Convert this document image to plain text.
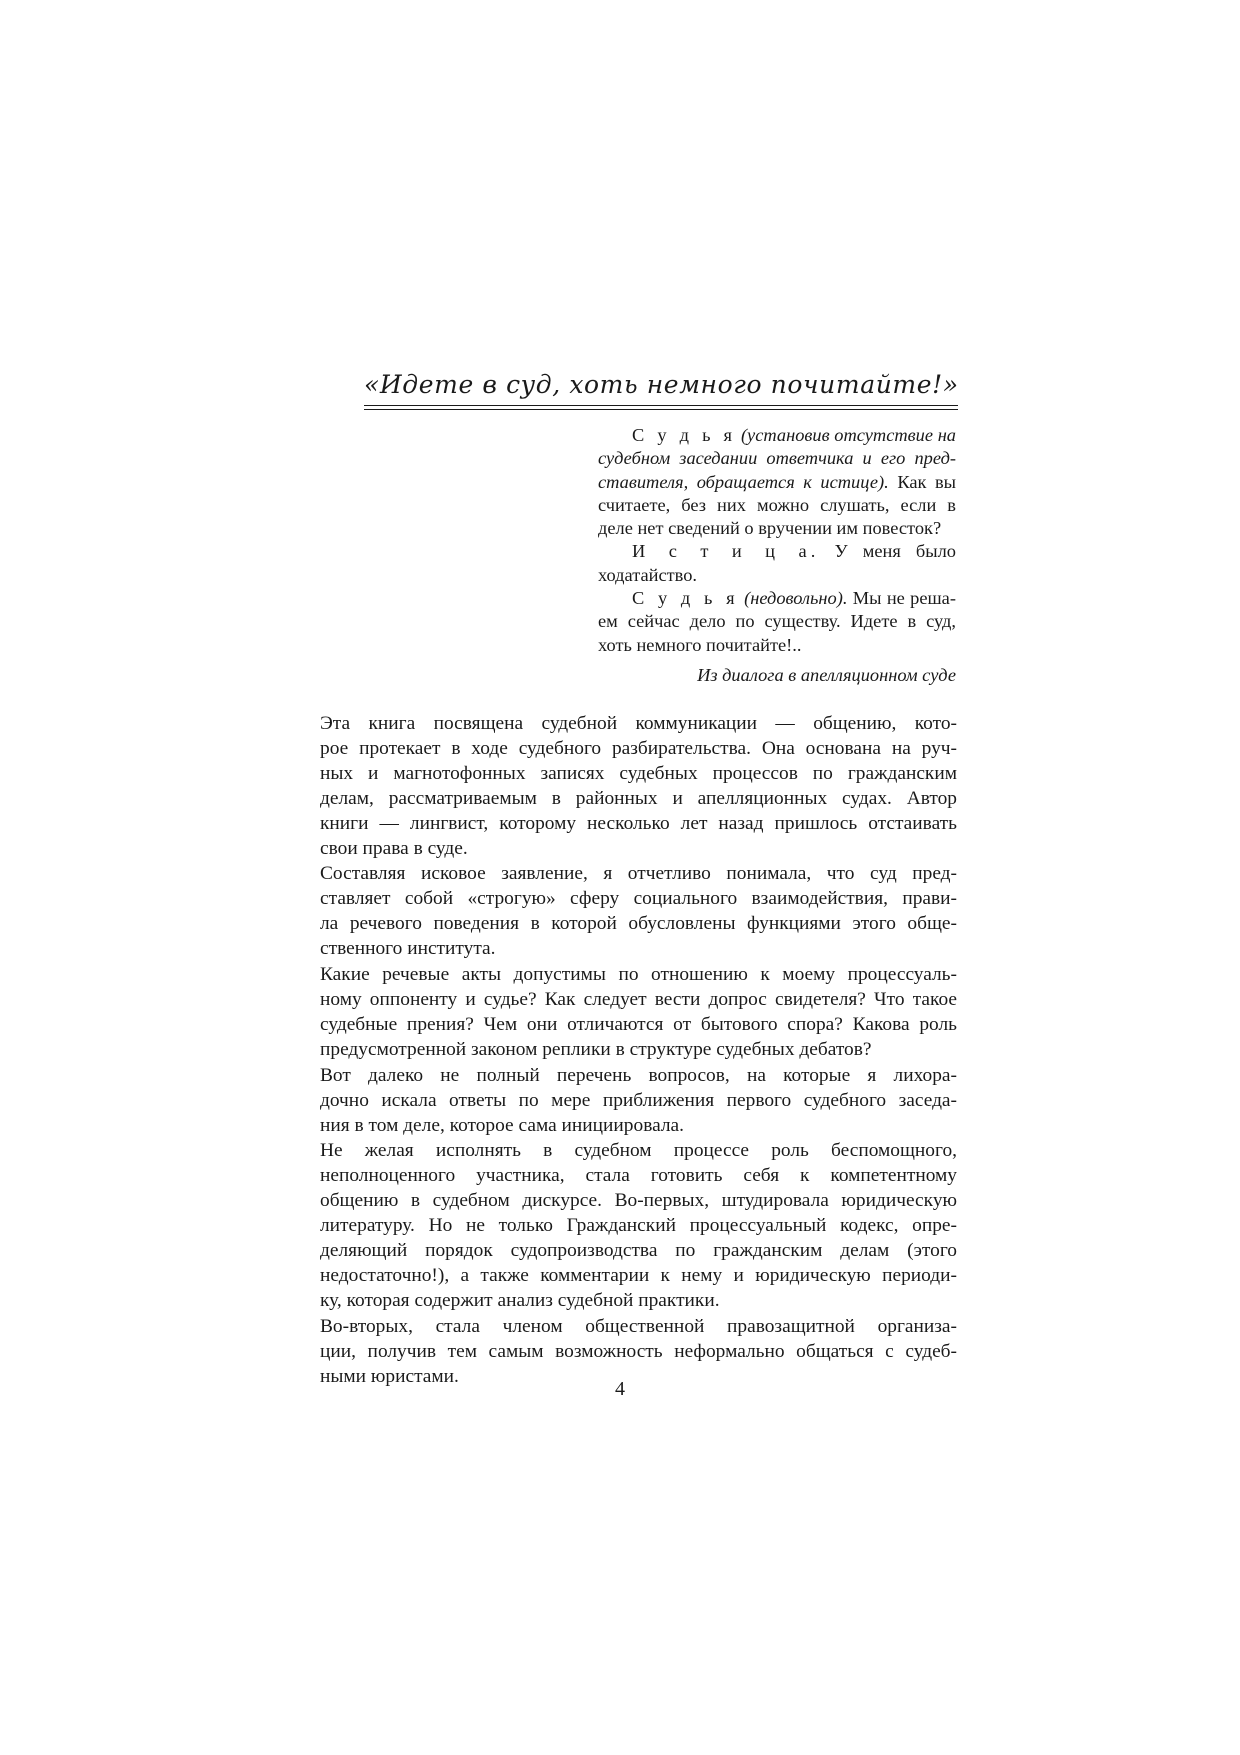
«Идете в суд, хоть немного почитайте!»

С у д ь я (установив отсутствие на судебном заседании ответчика и его представителя, обращается к истице). Как вы считаете, без них можно слушать, если в деле нет сведений о вручении им повесток?

И с т и ц а. У меня было ходатайство.

С у д ь я (недовольно). Мы не решаем сейчас дело по существу. Идете в суд, хоть немного почитайте!..

Из диалога в апелляционном суде

Эта книга посвящена судебной коммуникации — общению, кото-
рое протекает в ходе судебного разбирательства. Она основана на руч-
ных и магнотофонных записях судебных процессов по гражданским
делам, рассматриваемым в районных и апелляционных судах. Автор
книги — лингвист, которому несколько лет назад пришлось отстаивать
свои права в суде.

Составляя исковое заявление, я отчетливо понимала, что суд пред-
ставляет собой «строгую» сферу социального взаимодействия, прави-
ла речевого поведения в которой обусловлены функциями этого обще-
ственного института.

Какие речевые акты допустимы по отношению к моему процессуаль-
ному оппоненту и судье? Как следует вести допрос свидетеля? Что такое
судебные прения? Чем они отличаются от бытового спора? Какова роль
предусмотренной законом реплики в структуре судебных дебатов?

Вот далеко не полный перечень вопросов, на которые я лихора-
дочно искала ответы по мере приближения первого судебного заседа-
ния в том деле, которое сама инициировала.

Не желая исполнять в судебном процессе роль беспомощного,
неполноценного участника, стала готовить себя к компетентному
общению в судебном дискурсе. Во-первых, штудировала юридическую
литературу. Но не только Гражданский процессуальный кодекс, опре-
деляющий порядок судопроизводства по гражданским делам (этого
недостаточно!), а также комментарии к нему и юридическую периоди-
ку, которая содержит анализ судебной практики.

Во-вторых, стала членом общественной правозащитной организа-
ции, получив тем самым возможность неформально общаться с судеб-
ными юристами.

4
